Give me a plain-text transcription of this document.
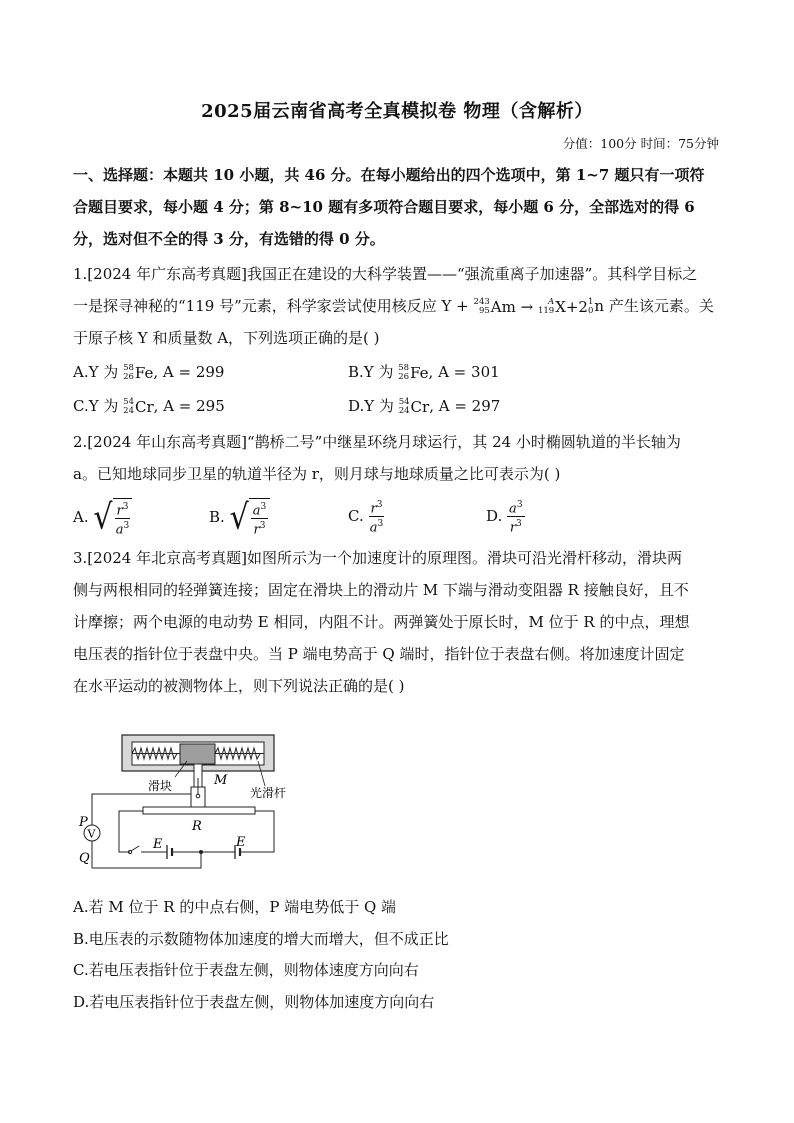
2025届云南省高考全真模拟卷 物理（含解析）
分值：100分 时间：75分钟
一、选择题：本题共 10 小题，共 46 分。在每小题给出的四个选项中，第 1~7 题只有一项符
合题目要求，每小题 4 分；第 8~10 题有多项符合题目要求，每小题 6 分，全部选对的得 6
分，选对但不全的得 3 分，有选错的得 0 分。
1.[2024 年广东高考真题]我国正在建设的大科学装置——“强流重离子加速器”。其科学目标之
一是探寻神秘的“119 号”元素，科学家尝试使用核反应 Y + 243
95 Am →
	A
119 X+2 1
0 n 产生该元素。关
于原子核 Y 和质量数 A，下列选项正确的是( )
A.Y 为 58
26 Fe , A = 299	B.Y 为 58
26 Fe , A = 301
C.Y 为 54
24 Cr , A = 295	D.Y 为 54
24 Cr , A = 297
2.[2024 年山东高考真题]“鹊桥二号”中继星环绕月球运行，其 24 小时椭圆轨道的半长轴为
a。已知地球同步卫星的轨道半径为 r，则月球与地球质量之比可表示为( )
A. √ $\frac{r^3}{a^3}$	B. √ $\frac{a^3}{r^3}$	C. $\frac{r^3}{a^3}$	D. $\frac{a^3}{r^3}$
3.[2024 年北京高考真题]如图所示为一个加速度计的原理图。滑块可沿光滑杆移动，滑块两
侧与两根相同的轻弹簧连接；固定在滑块上的滑动片 M 下端与滑动变阻器 R 接触良好，且不
计摩擦；两个电源的电动势 E 相同，内阻不计。两弹簧处于原长时，M 位于 R 的中点，理想
电压表的指针位于表盘中央。当 P 端电势高于 Q 端时，指针位于表盘右侧。将加速度计固定
在水平运动的被测物体上，则下列说法正确的是( )
滑块	M
光滑杆
R
V
P
Q
E	E
A.若 M 位于 R 的中点右侧，P 端电势低于 Q 端
B.电压表的示数随物体加速度的增大而增大，但不成正比
C.若电压表指针位于表盘左侧，则物体速度方向向右
D.若电压表指针位于表盘左侧，则物体加速度方向向右
